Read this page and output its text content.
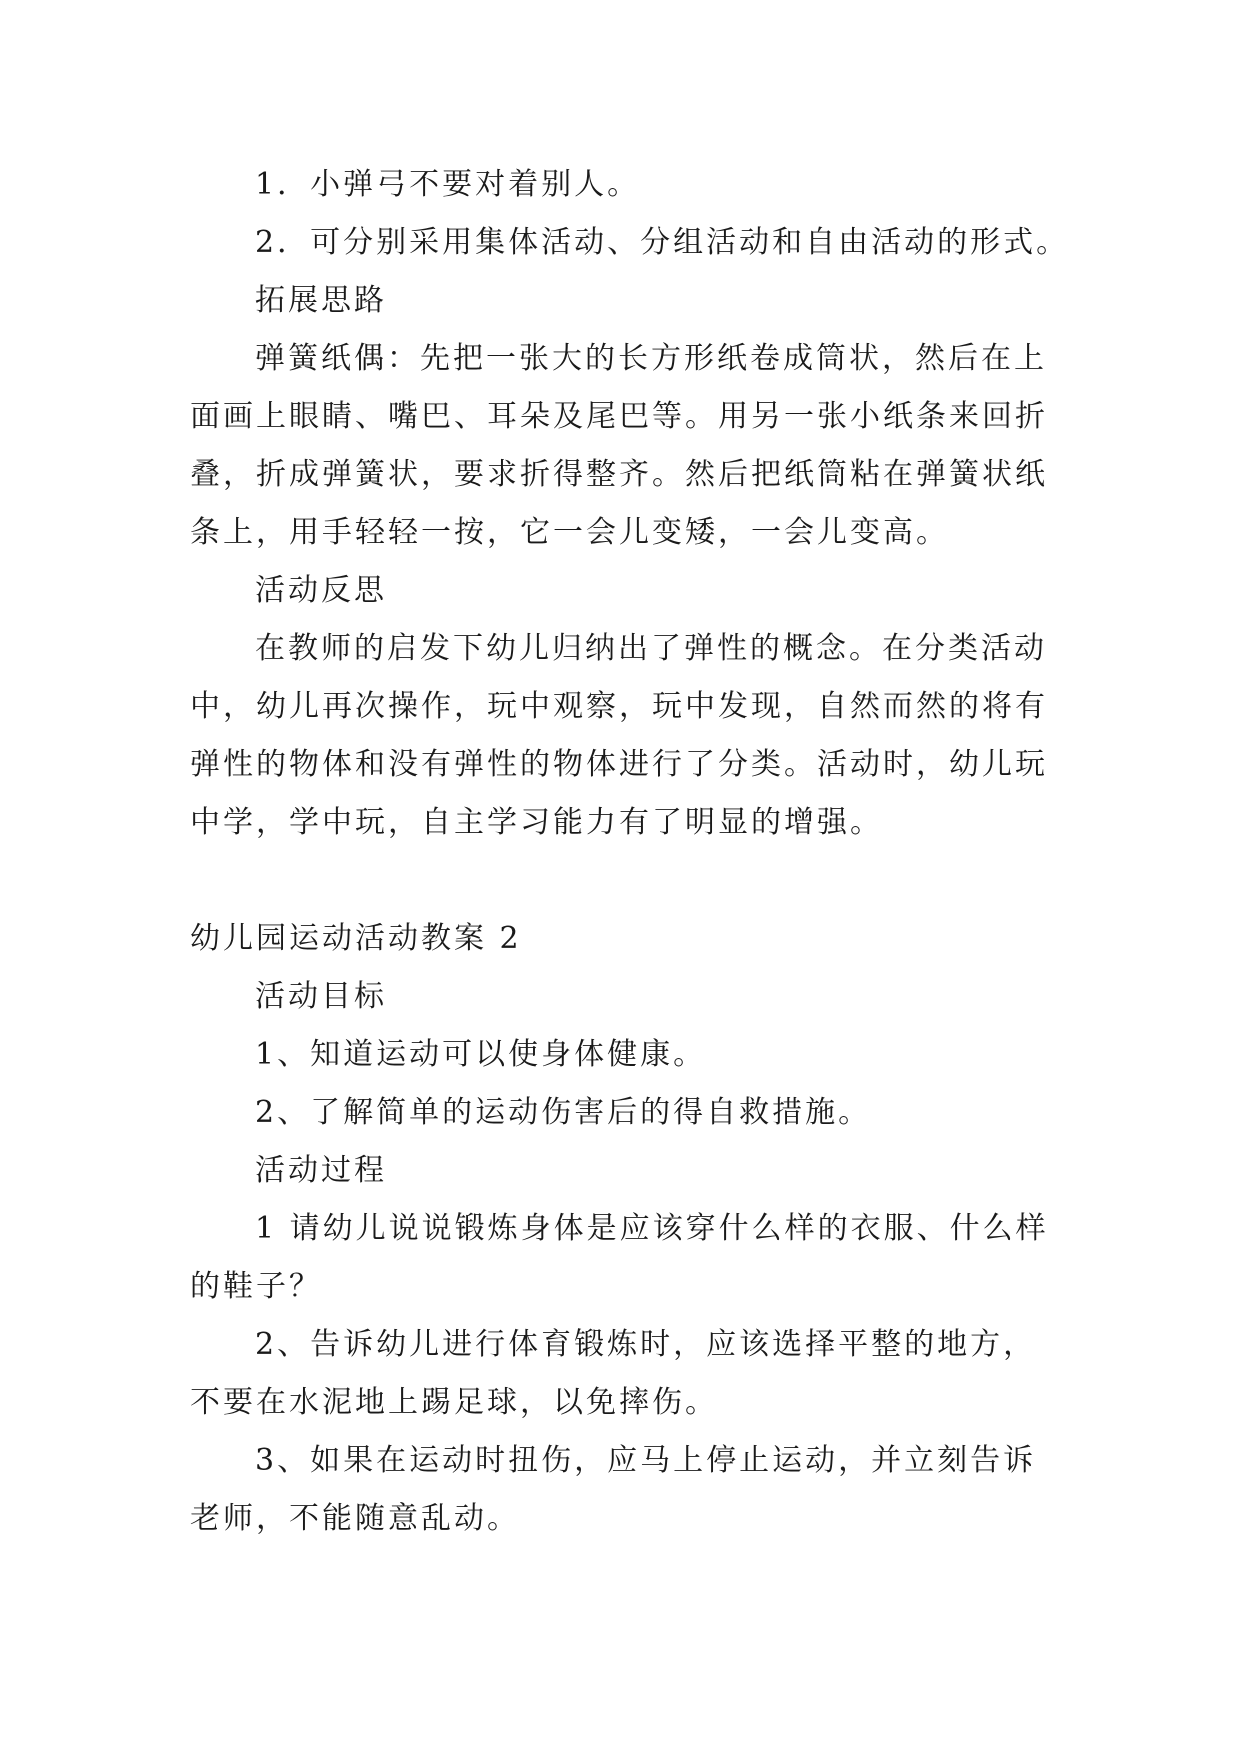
1．小弹弓不要对着别人。

2．可分别采用集体活动、分组活动和自由活动的形式。

拓展思路

弹簧纸偶：先把一张大的长方形纸卷成筒状，然后在上

面画上眼睛、嘴巴、耳朵及尾巴等。用另一张小纸条来回折

叠，折成弹簧状，要求折得整齐。然后把纸筒粘在弹簧状纸

条上，用手轻轻一按，它一会儿变矮，一会儿变高。

活动反思

在教师的启发下幼儿归纳出了弹性的概念。在分类活动

中，幼儿再次操作，玩中观察，玩中发现，自然而然的将有

弹性的物体和没有弹性的物体进行了分类。活动时，幼儿玩

中学，学中玩，自主学习能力有了明显的增强。

幼儿园运动活动教案 2

活动目标

1、知道运动可以使身体健康。

2、了解简单的运动伤害后的得自救措施。

活动过程

1 请幼儿说说锻炼身体是应该穿什么样的衣服、什么样

的鞋子？

2、告诉幼儿进行体育锻炼时，应该选择平整的地方，

不要在水泥地上踢足球，以免摔伤。

3、如果在运动时扭伤，应马上停止运动，并立刻告诉

老师，不能随意乱动。
